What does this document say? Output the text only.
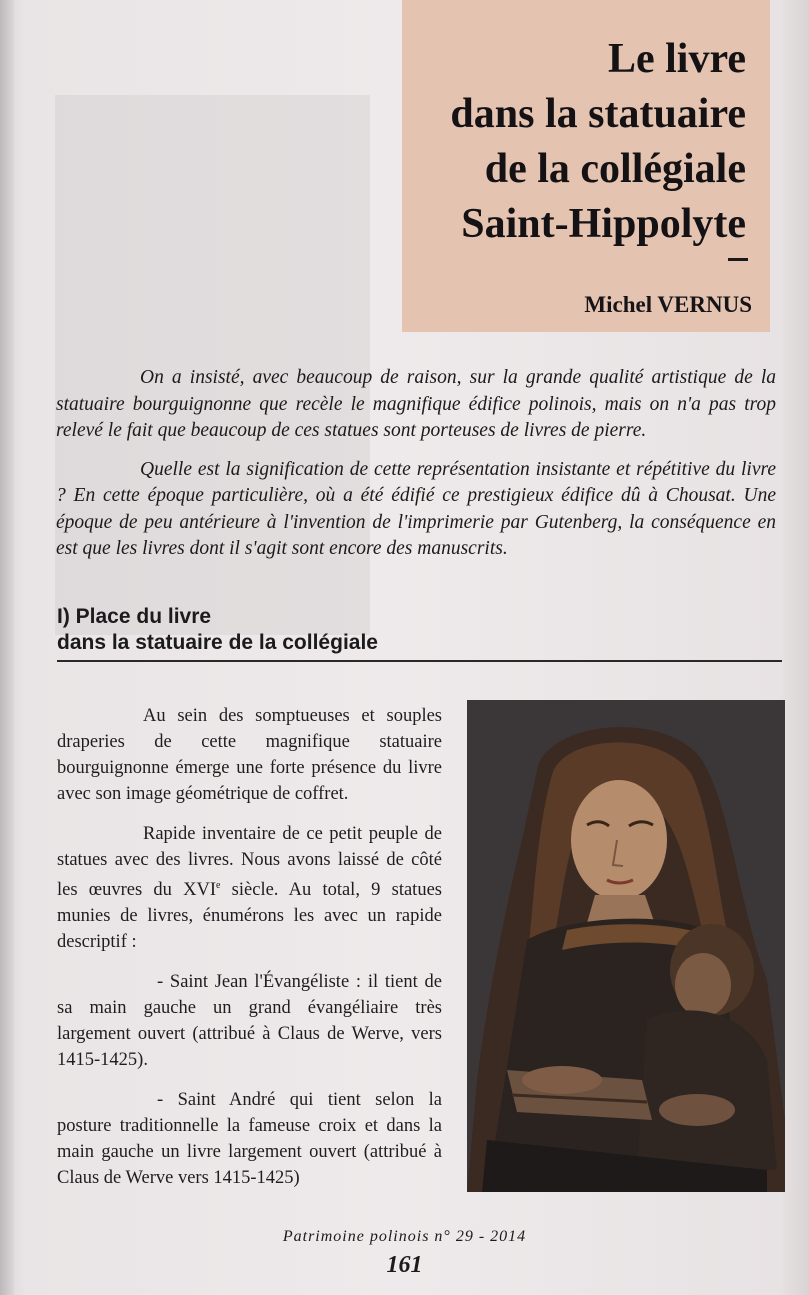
Le livre
dans la statuaire
de la collégiale
Saint-Hippolyte
Michel VERNUS

On a insisté, avec beaucoup de raison, sur la grande qualité artistique de la statuaire bourguignonne que recèle le magnifique édifice polinois, mais on n'a pas trop relevé le fait que beaucoup de ces statues sont porteuses de livres de pierre.

Quelle est la signification de cette représentation insistante et répétitive du livre ? En cette époque particulière, où a été édifié ce prestigieux édifice dû à Chousat. Une époque de peu antérieure à l'invention de l'imprimerie par Gutenberg, la conséquence en est que les livres dont il s'agit sont encore des manuscrits.

I) Place du livre
dans la statuaire de la collégiale

Au sein des somptueuses et souples draperies de cette magnifique statuaire bourguignonne émerge une forte présence du livre avec son image géométrique de coffret.

Rapide inventaire de ce petit peuple de statues avec des livres. Nous avons laissé de côté les œuvres du XVIe siècle. Au total, 9 statues munies de livres, énumérons les avec un rapide descriptif :

- Saint Jean l'Évangéliste : il tient de sa main gauche un grand évangéliaire très largement ouvert (attribué à Claus de Werve, vers 1415-1425).

- Saint André qui tient selon la posture traditionnelle la fameuse croix et dans la main gauche un livre largement ouvert (attribué à Claus de Werve vers 1415-1425)

Patrimoine polinois n° 29 - 2014
161
